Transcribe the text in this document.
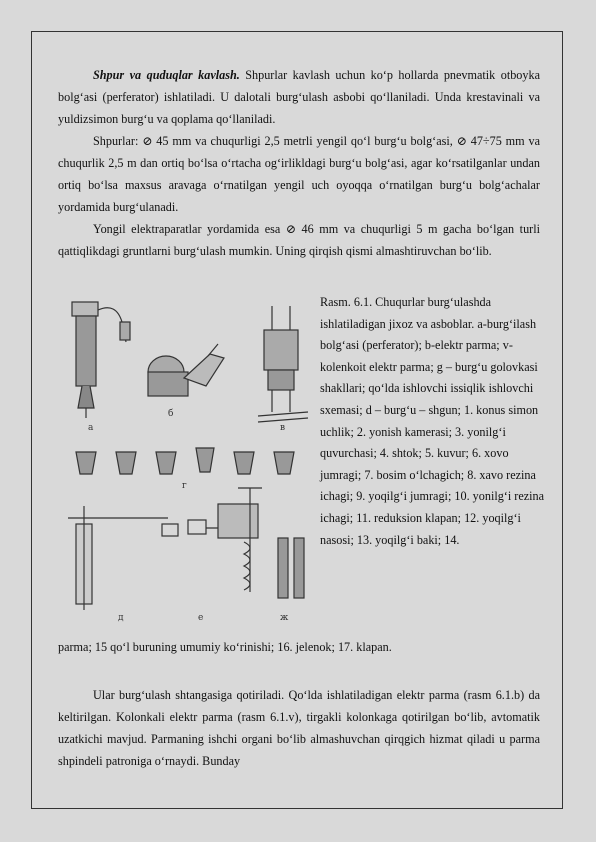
Shpur va quduqlar kavlash. Shpurlar kavlash uchun ko‘p hollarda pnevmatik otboyka bolg‘asi (perferator) ishlatiladi. U dalotali burg‘ulash asbobi qo‘llaniladi. Unda krestavinali va yuldizsimon burg‘u va qoplama qo‘llaniladi.

Shpurlar: ⊘ 45 mm va chuqurligi 2,5 metrli yengil qo‘l burg‘u bolg‘asi, ⊘ 47÷75 mm va chuqurlik 2,5 m dan ortiq bo‘lsa o‘rtacha og‘irlikldagi burg‘u bolg‘asi, agar ko‘rsatilganlar undan ortiq bo‘lsa maxsus aravaga o‘rnatilgan yengil uch oyoqqa o‘rnatilgan burg‘u bolg‘achalar yordamida burg‘ulanadi.

Yongil elektraparatlar yordamida esa ⊘ 46 mm va chuqurligi 5 m gacha bo‘lgan turli qattiqlikdagi gruntlarni burg‘ulash mumkin. Uning qirqish qismi almashtiruvchan bo‘lib.

а
б
в
г
д	е	ж
Rasm. 6.1. Chuqurlar burg‘ulashda ishlatiladigan jixoz va asboblar. a-burg‘ilash bolg‘asi (perferator); b-elektr parma; v-kolenkoit elektr parma; g – burg‘u golovkasi shakllari; qo‘lda ishlovchi issiqlik ishlovchi sxemasi; d – burg‘u – shgun; 1. konus simon uchlik; 2. yonish kamerasi; 3. yonilg‘i quvurchasi; 4. shtok; 5. kuvur; 6. xovo jumragi; 7. bosim o‘lchagich; 8. xavo rezina ichagi; 9. yoqilg‘i jumragi; 10. yonilg‘i rezina ichagi; 11. reduksion klapan; 12. yoqilg‘i nasosi; 13. yoqilg‘i baki; 14.
parma; 15 qo‘l buruning umumiy ko‘rinishi; 16. jelenok; 17. klapan.

Ular burg‘ulash shtangasiga qotiriladi. Qo‘lda ishlatiladigan elektr parma (rasm 6.1.b) da keltirilgan. Kolonkali elektr parma (rasm 6.1.v), tirgakli kolonkaga qotirilgan bo‘lib, avtomatik uzatkichi mavjud. Parmaning ishchi organi bo‘lib almashuvchan qirqgich hizmat qiladi u parma shpindeli patroniga o‘rnaydi. Bunday
